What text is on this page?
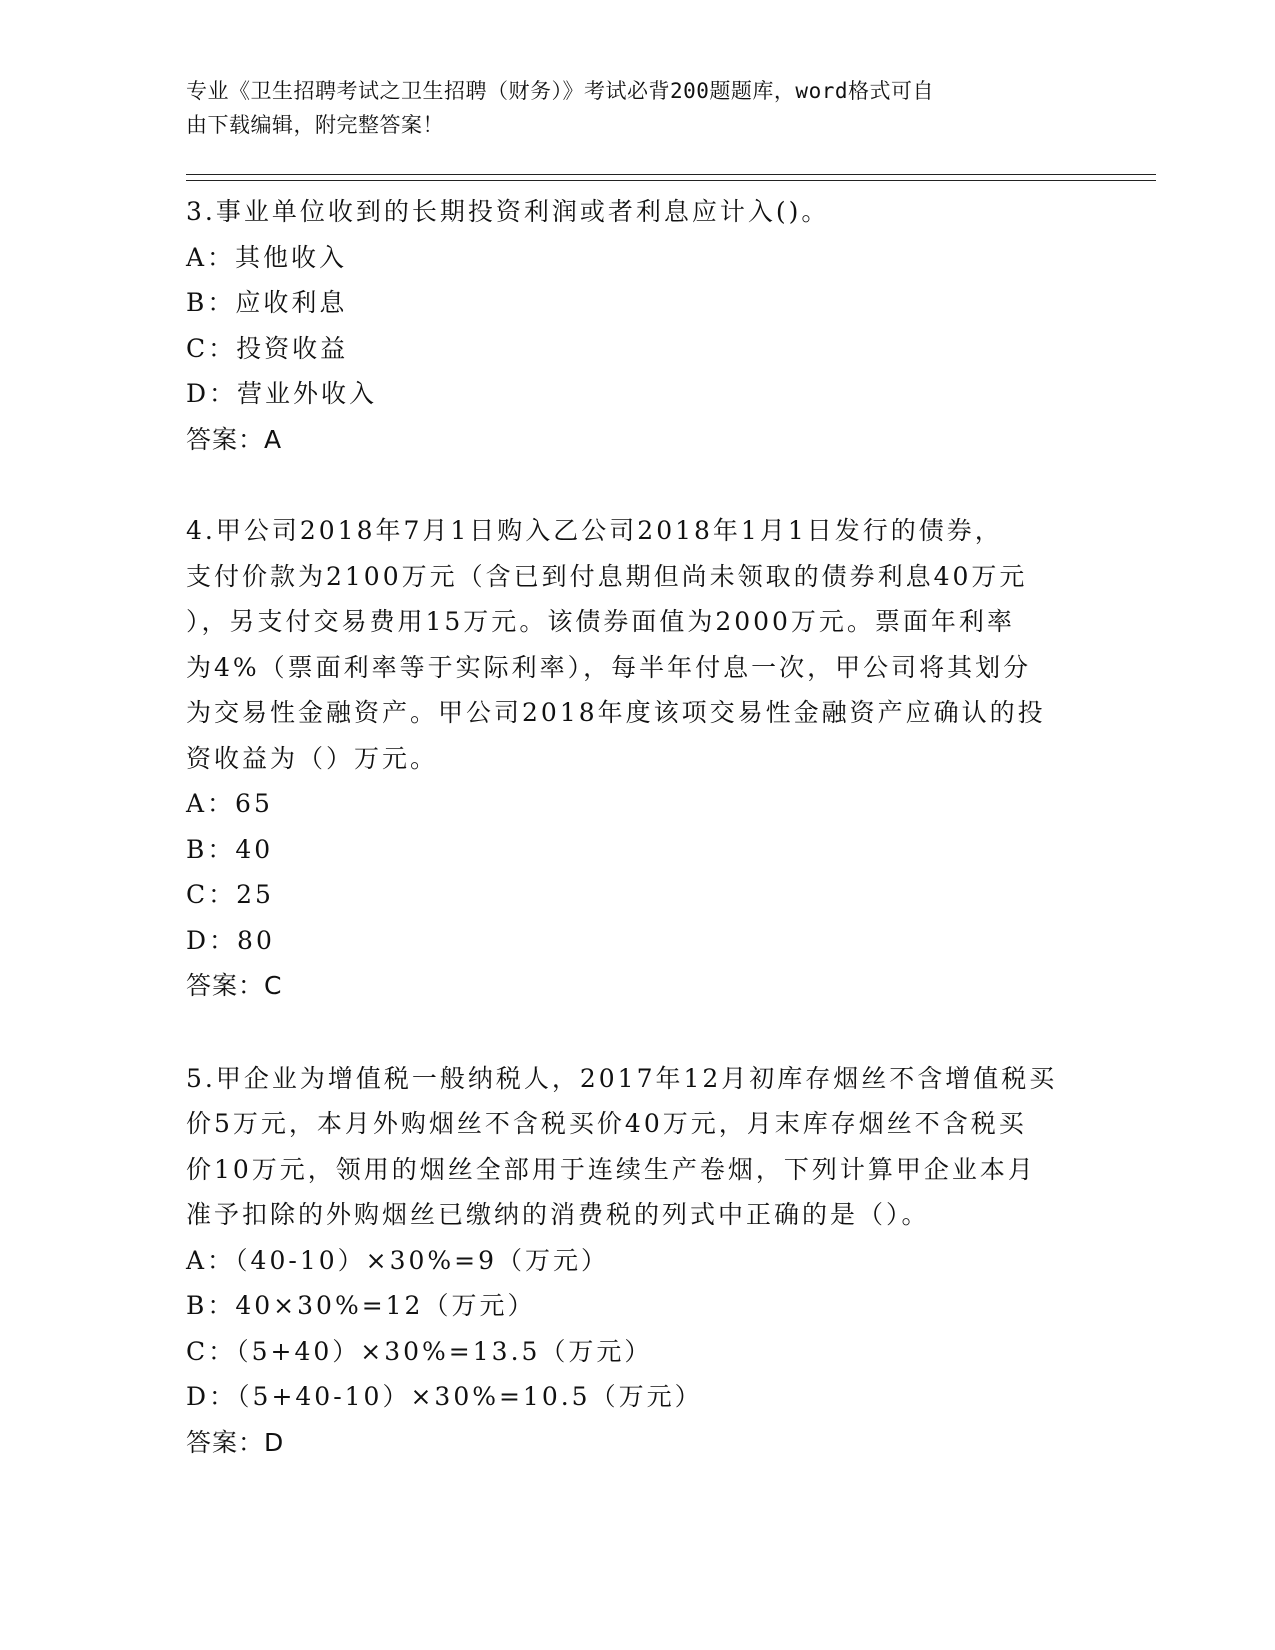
专业《卫生招聘考试之卫生招聘（财务）》考试必背200题题库，word格式可自
由下载编辑，附完整答案！

3.事业单位收到的长期投资利润或者利息应计入()。

A：其他收入

B：应收利息

C：投资收益

D：营业外收入

答案：A

4.甲公司2018年7月1日购入乙公司2018年1月1日发行的债券，

支付价款为2100万元（含已到付息期但尚未领取的债券利息40万元

），另支付交易费用15万元。该债券面值为2000万元。票面年利率

为4%（票面利率等于实际利率），每半年付息一次，甲公司将其划分

为交易性金融资产。甲公司2018年度该项交易性金融资产应确认的投

资收益为（）万元。

A：65

B：40

C：25

D：80

答案：C

5.甲企业为增值税一般纳税人，2017年12月初库存烟丝不含增值税买

价5万元，本月外购烟丝不含税买价40万元，月末库存烟丝不含税买

价10万元，领用的烟丝全部用于连续生产卷烟，下列计算甲企业本月

准予扣除的外购烟丝已缴纳的消费税的列式中正确的是（）。

A：（40-10）×30%=9（万元）

B：40×30%=12（万元）

C：（5+40）×30%=13.5（万元）

D：（5+40-10）×30%=10.5（万元）

答案：D
